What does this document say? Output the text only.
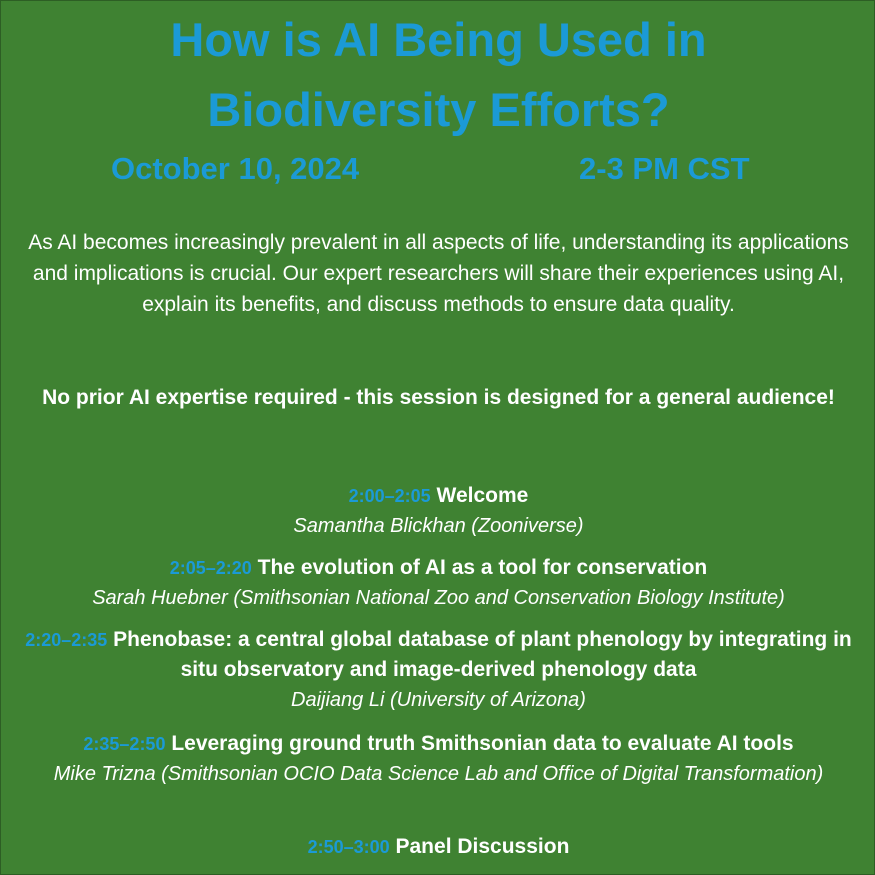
How is AI Being Used in
Biodiversity Efforts?
October 10, 2024	2-3 PM CST

As AI becomes increasingly prevalent in all aspects of life, understanding its applications and implications is crucial. Our expert researchers will share their experiences using AI, explain its benefits, and discuss methods to ensure data quality.

No prior AI expertise required - this session is designed for a general audience!

2:00–2:05 Welcome

Samantha Blickhan (Zooniverse)

2:05–2:20 The evolution of AI as a tool for conservation

Sarah Huebner (Smithsonian National Zoo and Conservation Biology Institute)

2:20–2:35 Phenobase: a central global database of plant phenology by integrating in situ observatory and image-derived phenology data

Daijiang Li (University of Arizona)

2:35–2:50 Leveraging ground truth Smithsonian data to evaluate AI tools

Mike Trizna (Smithsonian OCIO Data Science Lab and Office of Digital Transformation)

2:50–3:00 Panel Discussion
